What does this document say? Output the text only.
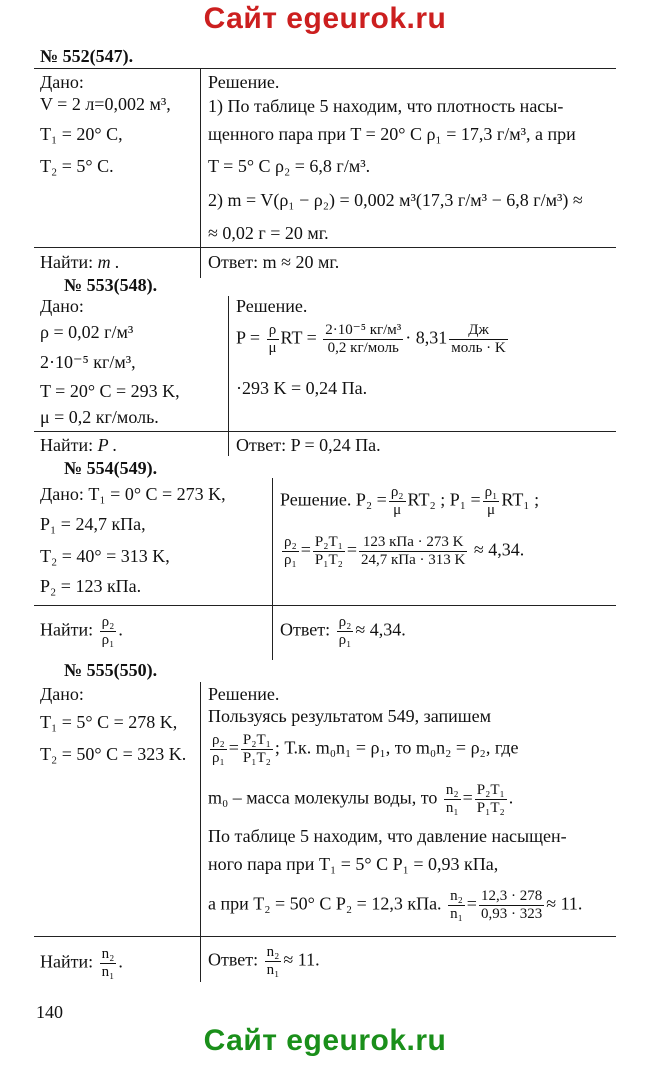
Сайт egeurok.ru
№ 552(547).
Дано:
V = 2 л=0,002 м³,
T₁ = 20° C,
T₂ = 5° C.
Решение.
1) По таблице 5 находим, что плотность насы-
щенного пара при T = 20° C ρ₁ = 17,3 г/м³, а при
T = 5° C ρ₂ = 6,8 г/м³.
2) m = V(ρ₁ − ρ₂) = 0,002 м³(17,3 г/м³ − 6,8 г/м³) ≈
≈ 0,02 г = 20 мг.
Найти: m .	Ответ: m ≈ 20 мг.
№ 553(548).
Дано:
ρ = 0,02 г/м³
2·10⁻⁵ кг/м³,
T = 20° C = 293 K,
μ = 0,2 кг/моль.
Решение.
$P = \frac{\rho}{\mu}$ RT = $\frac{\text{2·10⁻⁵ кг/м³}}{\text{0,2 кг/моль}} \cdot 8,31 \frac{Дж}{\text{моль · K}}$
·293 K = 0,24 Па.
Найти: P .	Ответ: P = 0,24 Па.
№ 554(549).
Дано: T₁ = 0° C = 273 K,
P₁ = 24,7 кПа,
T₂ = 40° = 313 K,
P₂ = 123 кПа.
Решение. $P_2 = \frac{\text{ρ₂}}{\mu} RT_2$ ; $P_1 = \frac{\text{ρ₁}}{\mu} RT_1$ ;
$\frac{\text{ρ₂}}{\text{ρ₁}} = \frac{\text{P₂T₁}}{\text{P₁T₂}} = \frac{\text{123 кПа · 273 K}}{\text{24,7 кПа · 313 K}} \approx 4,34$.
Найти: $\frac{\text{ρ₂}}{\text{ρ₁}}$ .	Ответ: $\frac{\text{ρ₂}}{\text{ρ₁}} \approx 4,34$.
№ 555(550).
Дано:
T₁ = 5° C = 278 K,
T₂ = 50° C = 323 K.
Решение.
Пользуясь результатом 549, запишем
$\frac{\text{ρ₂}}{\text{ρ₁}} = \frac{\text{P₂T₁}}{\text{P₁T₂}}$ ; Т.к. m₀n₁ = ρ₁, то m₀n₂ = ρ₂, где
m₀ – масса молекулы воды, то $\frac{\text{n₂}}{\text{n₁}} = \frac{\text{P₂T₁}}{\text{P₁T₂}}$ .
По таблице 5 находим, что давление насыщен-
ного пара при T₁ = 5° C P₁ = 0,93 кПа,
а при T₂ = 50° C P₂ = 12,3 кПа. $\frac{\text{n₂}}{\text{n₁}} = \frac{12,3 \cdot 278}{0,93 \cdot 323} \approx 11$.
Найти: $\frac{\text{n₂}}{\text{n₁}}$ .	Ответ: $\frac{\text{n₂}}{\text{n₁}} \approx 11$.
140
Сайт egeurok.ru
